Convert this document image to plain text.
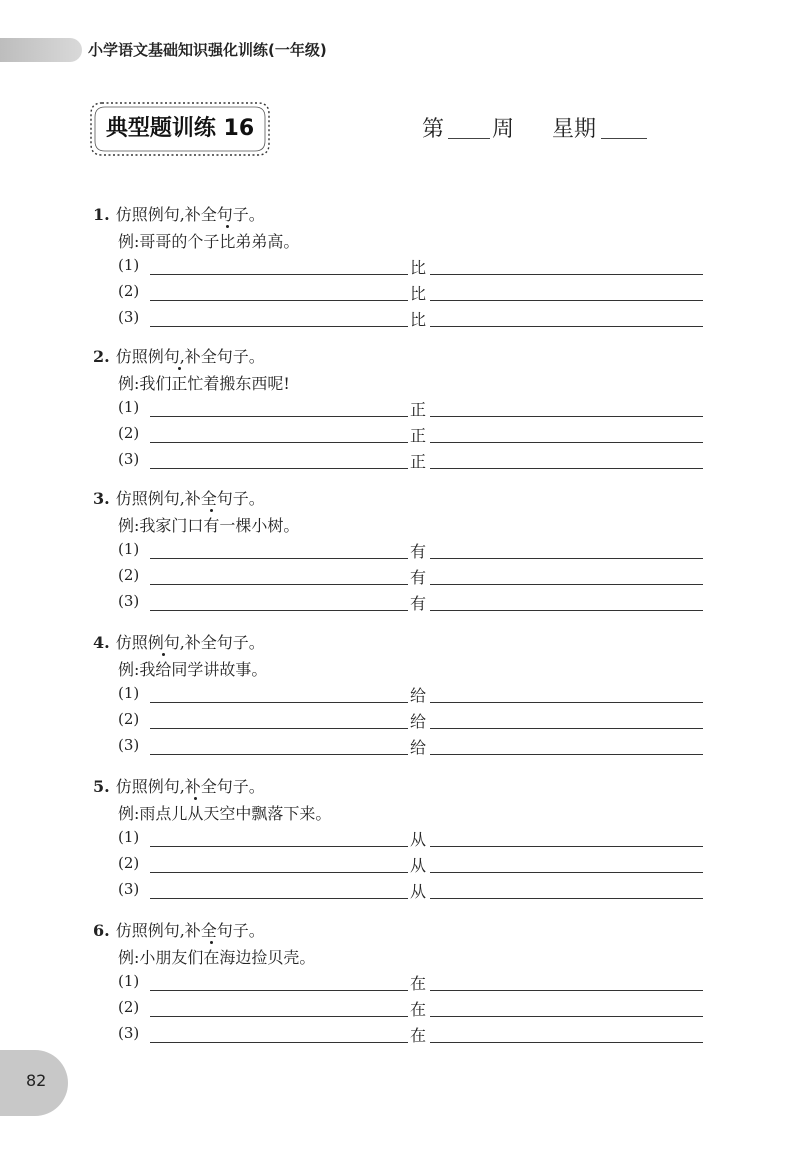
小学语文基础知识强化训练(一年级)
典型题训练 16	第 周 星期
1. 仿照例句,补全句子。
例:哥哥的个子比弟弟高。
(1)	比
(2)	比
(3)	比
2. 仿照例句,补全句子。
例:我们正忙着搬东西呢!
(1)	正
(2)	正
(3)	正
3. 仿照例句,补全句子。
例:我家门口有一棵小树。
(1)	有
(2)	有
(3)	有
4. 仿照例句,补全句子。
例:我给同学讲故事。
(1)	给
(2)	给
(3)	给
5. 仿照例句,补全句子。
例:雨点儿从天空中飘落下来。
(1)	从
(2)	从
(3)	从
6. 仿照例句,补全句子。
例:小朋友们在海边捡贝壳。
(1)	在
(2)	在
(3)	在
82
